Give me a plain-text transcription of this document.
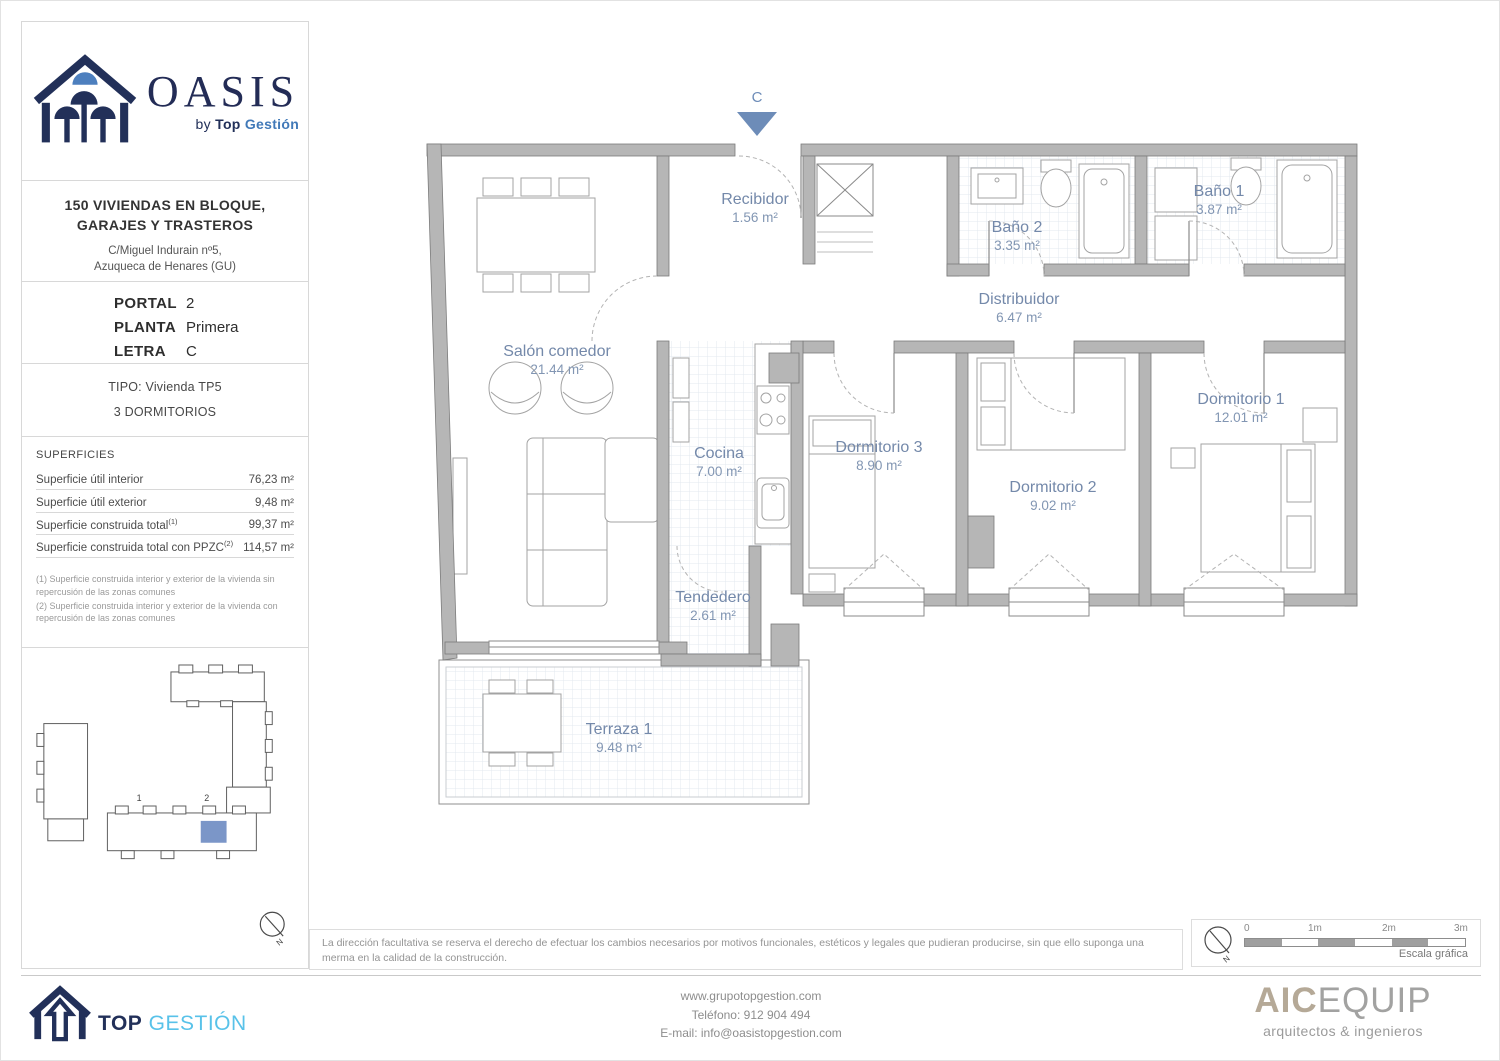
OASIS
by Top Gestión
150 VIVIENDAS EN BLOQUE,
GARAJES Y TRASTEROS
C/Miguel Indurain nº5,
Azuqueca de Henares (GU)
PORTAL 2
PLANTA Primera
LETRA	C
TIPO: Vivienda TP5
3 DORMITORIOS
SUPERFICIES
Superficie útil interior	76,23 m²
Superficie útil exterior	9,48 m²
Superficie construida total$^{(1)}$	99,37 m²
Superficie construida total con PPZC$^{(2)}$ 114,57 m²
(1) Superficie construida interior y exterior de la vivienda sin repercusión de las zonas comunes
(2) Superficie construida interior y exterior de la vivienda con repercusión de las zonas comunes
1	2
N
Recibidor
1.56 m²
Baño 2
3.35 m²
Baño 1
3.87 m²
Distribuidor
6.47 m²
Salón comedor
21.44 m²
Cocina
7.00 m²
Dormitorio 3
8.90 m²
Dormitorio 2
9.02 m²
Dormitorio 1
12.01 m²
Tendedero
2.61 m²
Terraza 1
9.48 m²
C
La dirección facultativa se reserva el derecho de efectuar los cambios necesarios por motivos funcionales, estéticos y legales que pudieran producirse, sin que ello suponga una merma en la calidad de la construcción.	N
0	1m	2m	3m
Escala gráfica
TOP GESTIÓN
www.grupotopgestion.com
Teléfono: 912 904 494
E-mail: info@oasistopgestion.com
AICEQUIP
arquitectos & ingenieros
